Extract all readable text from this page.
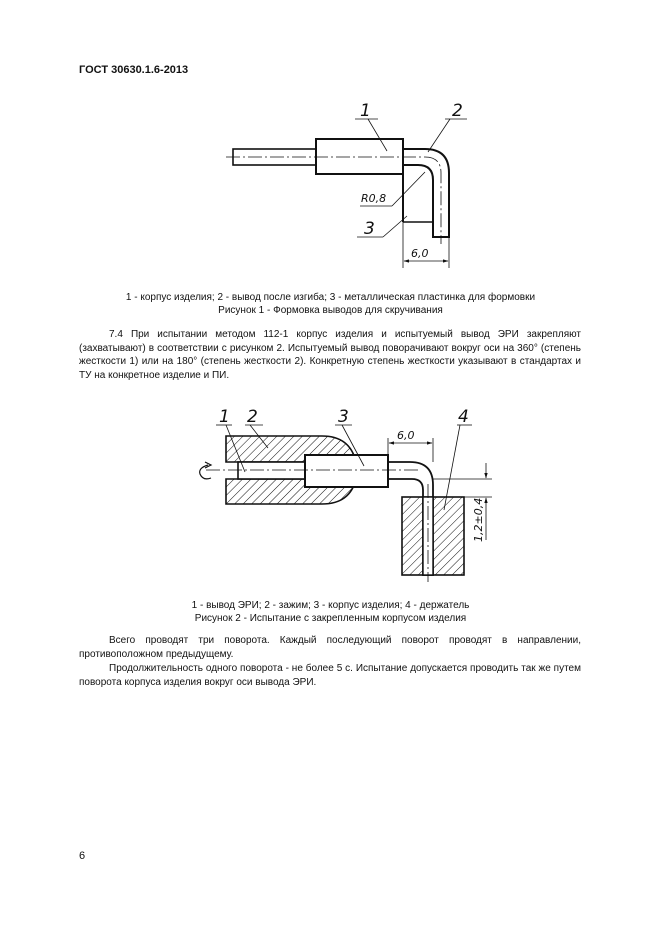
ГОСТ 30630.1.6-2013
1	2
3
R0,8
6,0
1 2	3	4
6,0
1,2±0,4
1 - корпус изделия; 2 - вывод после изгиба; 3 - металлическая пластинка для формовки
Рисунок 1 - Формовка выводов для скручивания
7.4 При испытании методом 112-1 корпус изделия и испытуемый вывод ЭРИ закрепляют (захватывают) в соответствии с рисунком 2. Испытуемый вывод поворачивают вокруг оси на 360° (степень жесткости 1) или на 180° (степень жесткости 2). Конкретную степень жесткости указывают в стандартах и ТУ на конкретное изделие и ПИ.
1 - вывод ЭРИ; 2 - зажим; 3 - корпус изделия; 4 - держатель
Рисунок 2 - Испытание с закрепленным корпусом изделия
Всего проводят три поворота. Каждый последующий поворот проводят в направлении, противоположном предыдущему.
Продолжительность одного поворота - не более 5 с. Испытание допускается проводить так же путем поворота корпуса изделия вокруг оси вывода ЭРИ.
6
